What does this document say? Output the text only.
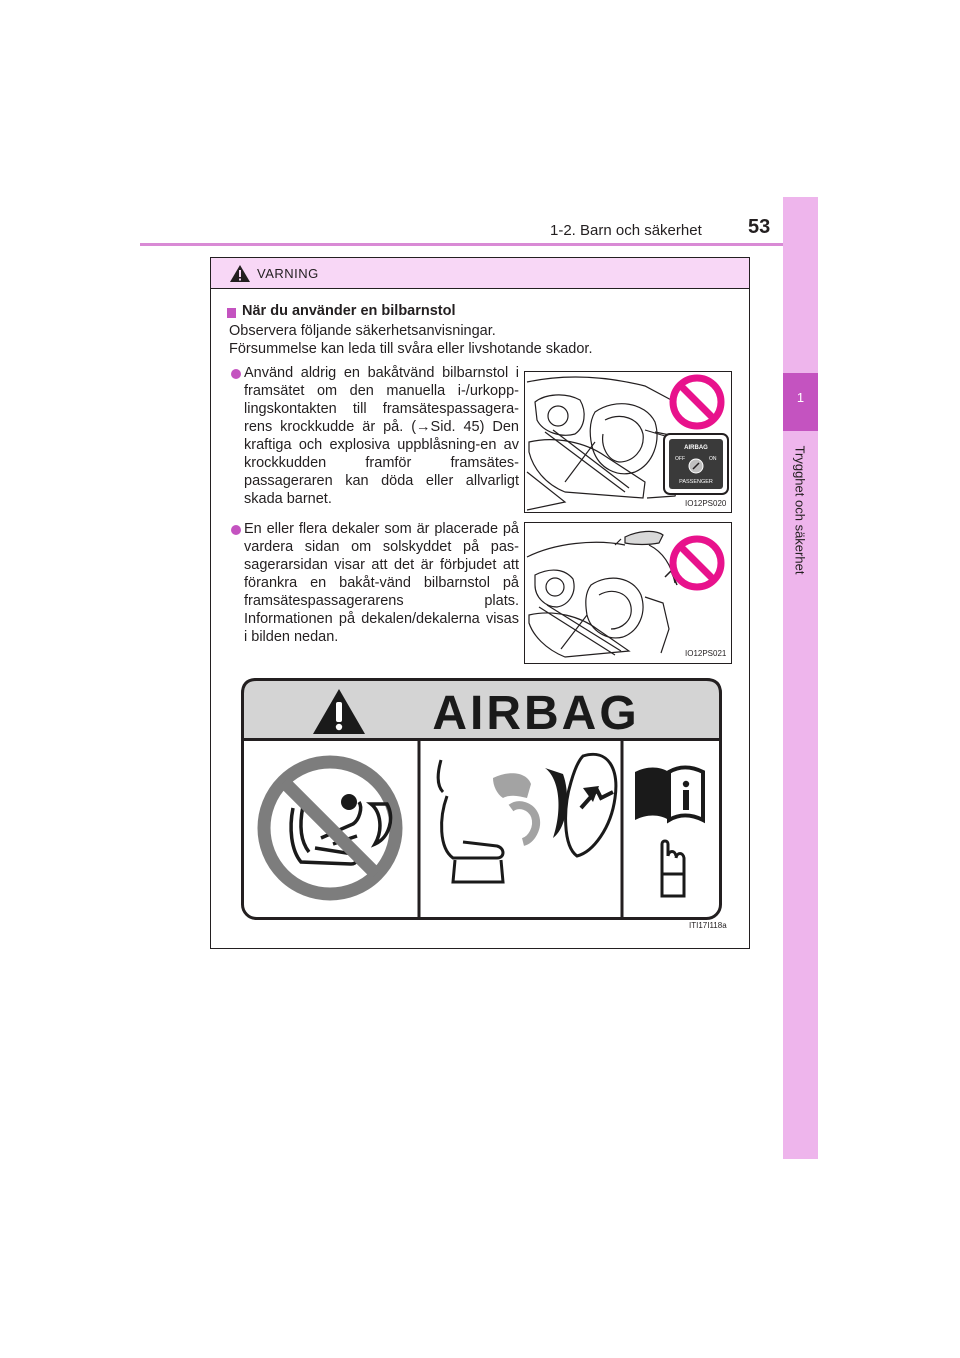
1-2. Barn och säkerhet 53
1
Trygghet och säkerhet
VARNING
När du använder en bilbarnstol
Observera följande säkerhetsanvisningar.
Försummelse kan leda till svåra eller livshotande skador.
Använd aldrig en bakåtvänd bilbarnstol i framsätet om den manuella i-/urkopp-lingskontakten till framsätespassagera-rens krockkudde är på. (→Sid. 45) Den kraftiga och explosiva uppblåsning-en av krockkudden framför framsätes-passageraren kan döda eller allvarligt skada barnet.
En eller flera dekaler som är placerade på vardera sidan om solskyddet på pas-sagerarsidan visar att det är förbjudet att förankra en bakåt-vänd bilbarnstol på framsätespassagerarens plats. Informationen på dekalen/dekalerna visas i bilden nedan.
AIRBAG
OFF	ON
PASSENGER
IO12PS020
IO12PS021
AIRBAG
ITI17I118a
